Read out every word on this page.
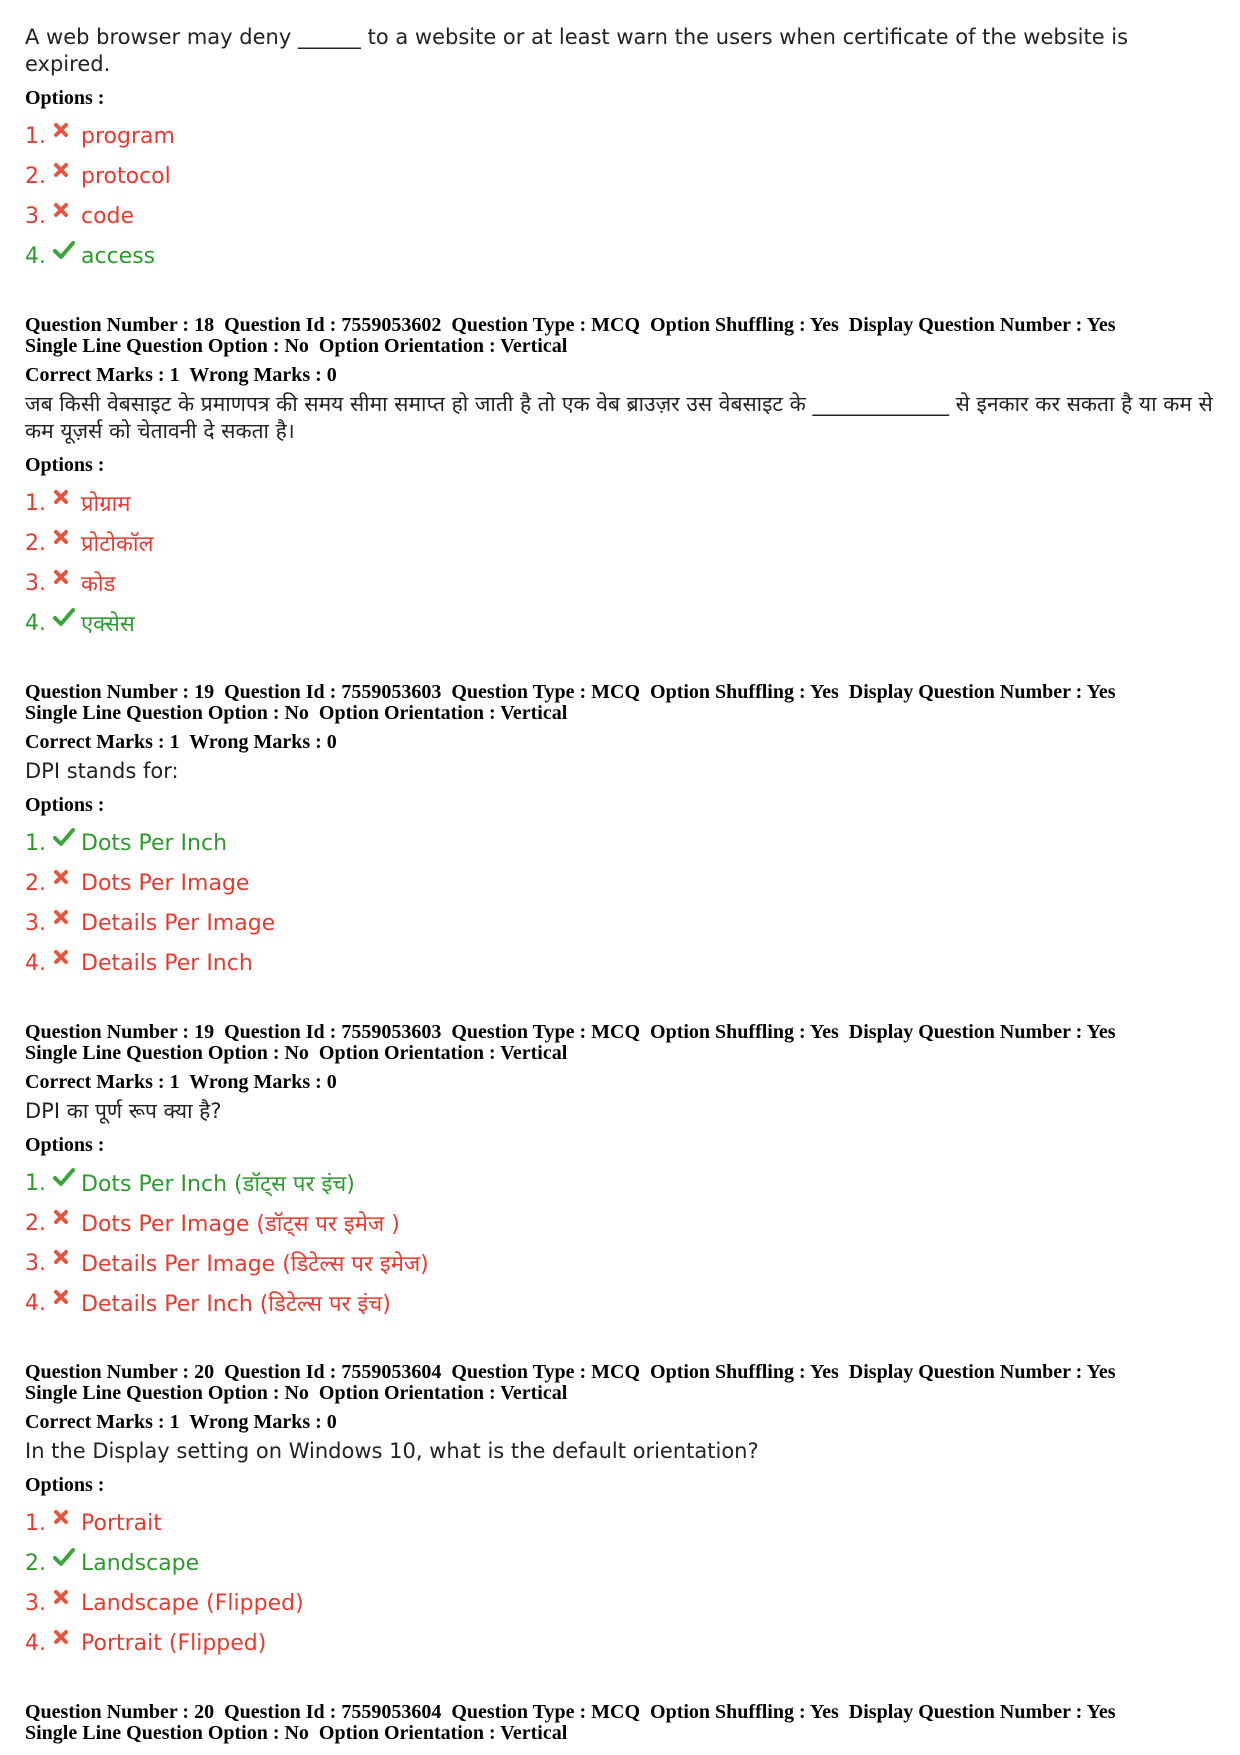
A web browser may deny ______ to a website or at least warn the users when certificate of the website is expired.

Options :
1.	program
2.	protocol
3.	code
4.	access
Question Number : 18  Question Id : 7559053602  Question Type : MCQ  Option Shuffling : Yes  Display Question Number : Yes
Single Line Question Option : No  Option Orientation : Vertical
Correct Marks : 1  Wrong Marks : 0

जब किसी वेबसाइट के प्रमाणपत्र की समय सीमा समाप्त हो जाती है तो एक वेब ब्राउज़र उस वेबसाइट के _____________ से इनकार कर सकता है या कम से कम यूज़र्स को चेतावनी दे सकता है।

Options :
1.	प्रोग्राम
2.	प्रोटोकॉल
3.	कोड
4.	एक्सेस
Question Number : 19  Question Id : 7559053603  Question Type : MCQ  Option Shuffling : Yes  Display Question Number : Yes
Single Line Question Option : No  Option Orientation : Vertical
Correct Marks : 1  Wrong Marks : 0

DPI stands for:

Options :
1.	Dots Per Inch
2.	Dots Per Image
3.	Details Per Image
4.	Details Per Inch
Question Number : 19  Question Id : 7559053603  Question Type : MCQ  Option Shuffling : Yes  Display Question Number : Yes
Single Line Question Option : No  Option Orientation : Vertical
Correct Marks : 1  Wrong Marks : 0

DPI का पूर्ण रूप क्या है?

Options :
1.	Dots Per Inch (डॉट्स पर इंच)
2.	Dots Per Image (डॉट्स पर इमेज )
3.	Details Per Image (डिटेल्स पर इमेज)
4.	Details Per Inch (डिटेल्स पर इंच)
Question Number : 20  Question Id : 7559053604  Question Type : MCQ  Option Shuffling : Yes  Display Question Number : Yes
Single Line Question Option : No  Option Orientation : Vertical
Correct Marks : 1  Wrong Marks : 0

In the Display setting on Windows 10, what is the default orientation?

Options :
1.	Portrait
2.	Landscape
3.	Landscape (Flipped)
4.	Portrait (Flipped)
Question Number : 20  Question Id : 7559053604  Question Type : MCQ  Option Shuffling : Yes  Display Question Number : Yes
Single Line Question Option : No  Option Orientation : Vertical
